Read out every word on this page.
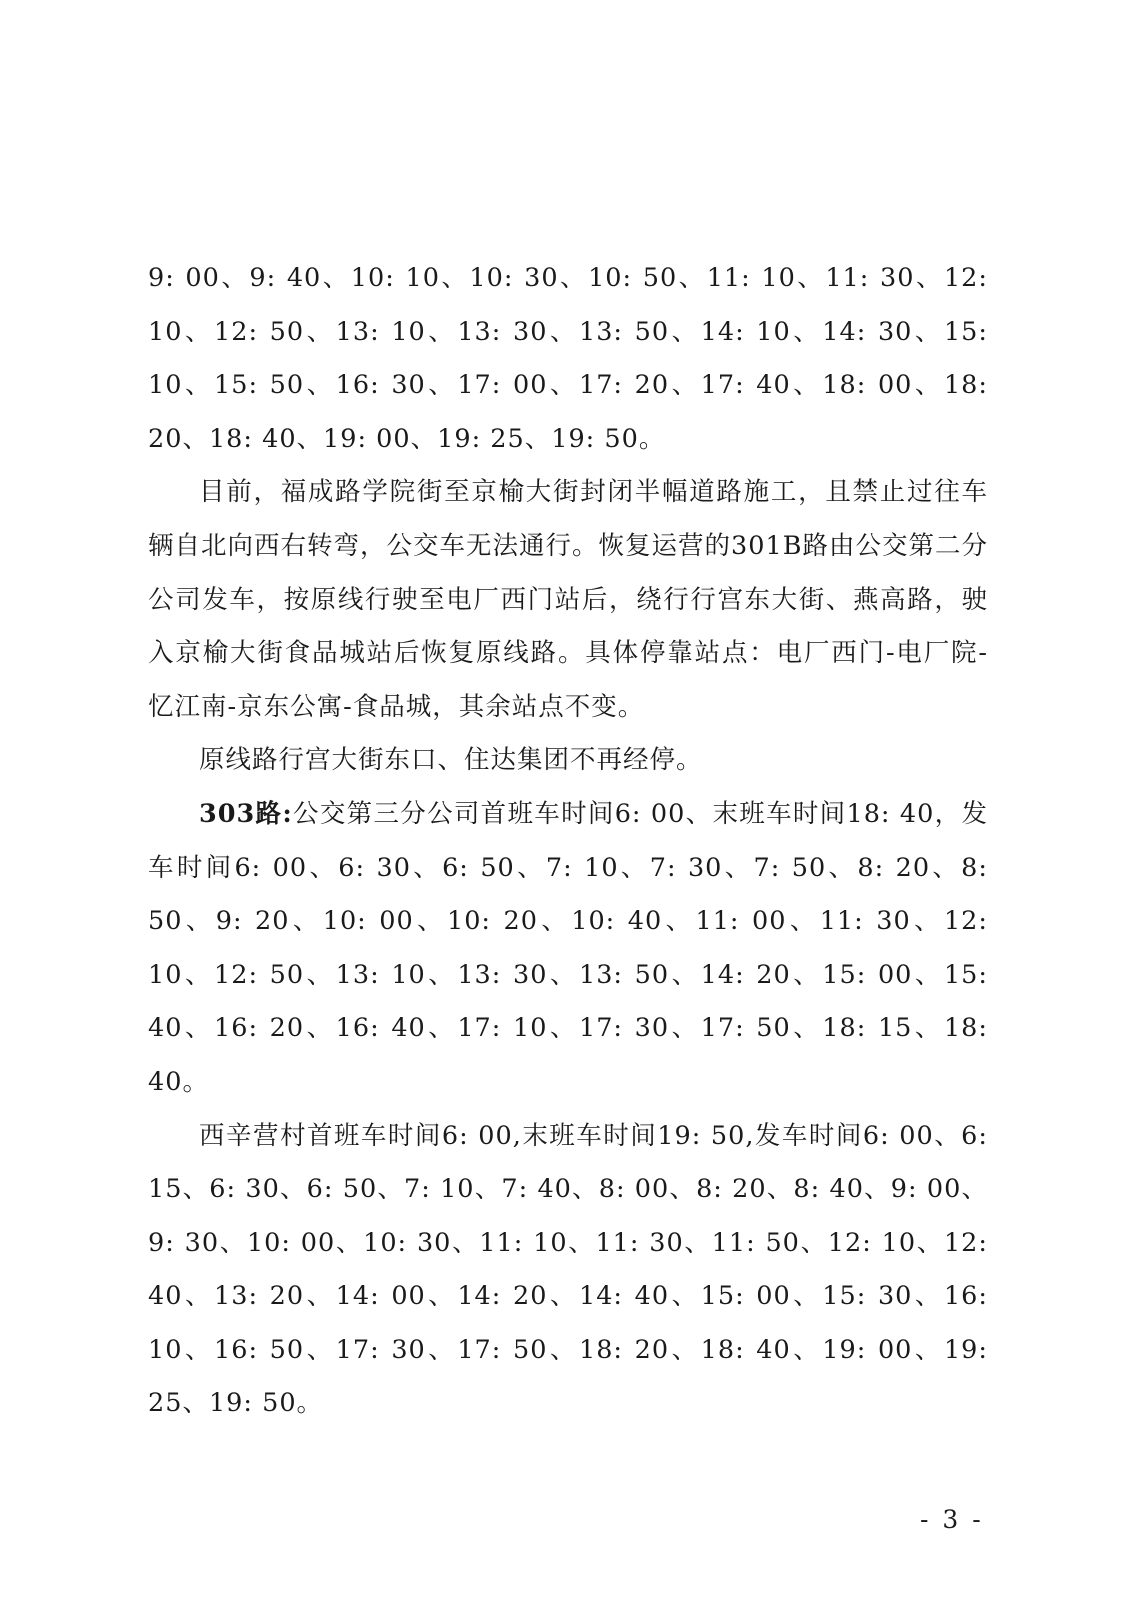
9: 00、9: 40、10: 10、10: 30、10: 50、11: 10、11: 30、12: 10、12: 50、13: 10、13: 30、13: 50、14: 10、14: 30、15: 10、15: 50、16: 30、17: 00、17: 20、17: 40、18: 00、18: 20、18: 40、19: 00、19: 25、19: 50。

目前，福成路学院街至京榆大街封闭半幅道路施工，且禁止过往车辆自北向西右转弯，公交车无法通行。恢复运营的301B路由公交第二分公司发车，按原线行驶至电厂西门站后，绕行行宫东大街、燕高路，驶入京榆大街食品城站后恢复原线路。具体停靠站点：电厂西门-电厂院-忆江南-京东公寓-食品城，其余站点不变。

原线路行宫大街东口、住达集团不再经停。

303路:公交第三分公司首班车时间6: 00、末班车时间18: 40，发车时间6: 00、6: 30、6: 50、7: 10、7: 30、7: 50、8: 20、8: 50、9: 20、10: 00、10: 20、10: 40、11: 00、11: 30、12: 10、12: 50、13: 10、13: 30、13: 50、14: 20、15: 00、15: 40、16: 20、16: 40、17: 10、17: 30、17: 50、18: 15、18: 40。

西辛营村首班车时间6: 00,末班车时间19: 50,发车时间6: 00、6: 15、6: 30、6: 50、7: 10、7: 40、8: 00、8: 20、8: 40、9: 00、9: 30、10: 00、10: 30、11: 10、11: 30、11: 50、12: 10、12: 40、13: 20、14: 00、14: 20、14: 40、15: 00、15: 30、16: 10、16: 50、17: 30、17: 50、18: 20、18: 40、19: 00、19: 25、19: 50。

- 3 -
